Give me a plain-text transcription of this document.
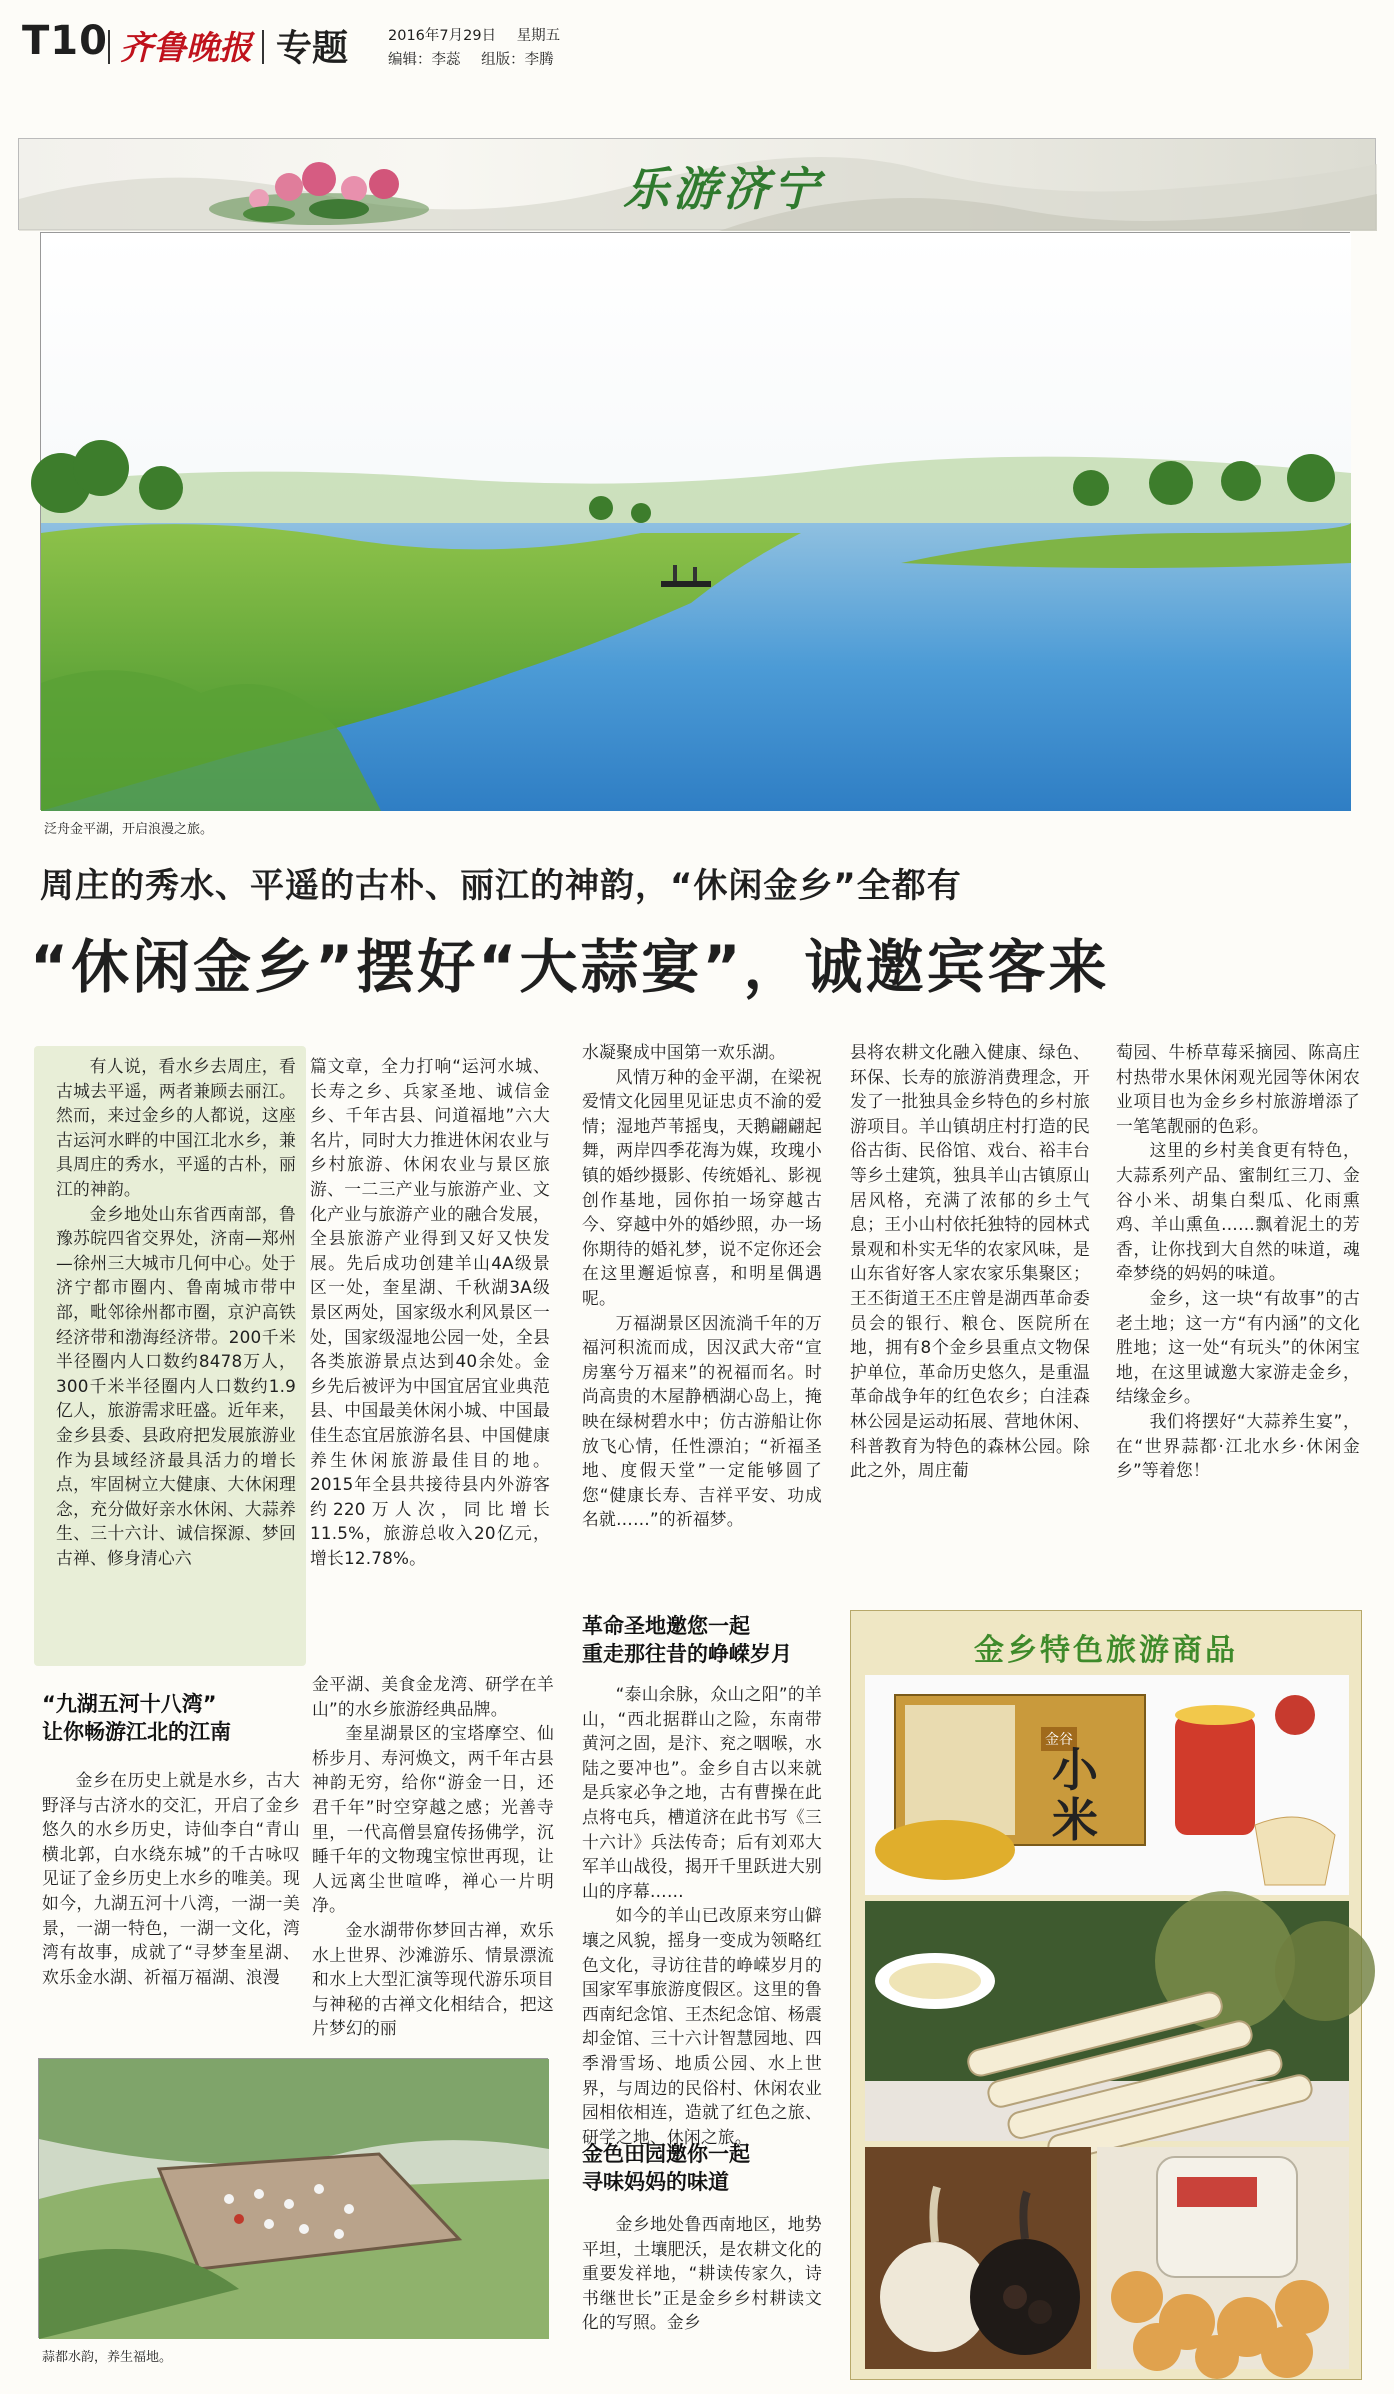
T10 齐鲁晚报 专题	2016年7月29日 星期五
编辑：李蕊 组版：李腾
乐游济宁
泛舟金平湖，开启浪漫之旅。
周庄的秀水、平遥的古朴、丽江的神韵，“休闲金乡”全都有
“休闲金乡”摆好“大蒜宴”，诚邀宾客来

有人说，看水乡去周庄，看古城去平遥，两者兼顾去丽江。然而，来过金乡的人都说，这座古运河水畔的中国江北水乡，兼具周庄的秀水，平遥的古朴，丽江的神韵。

金乡地处山东省西南部，鲁豫苏皖四省交界处，济南—郑州—徐州三大城市几何中心。处于济宁都市圈内、鲁南城市带中部，毗邻徐州都市圈，京沪高铁经济带和渤海经济带。200千米半径圈内人口数约8478万人，300千米半径圈内人口数约1.9亿人，旅游需求旺盛。近年来，金乡县委、县政府把发展旅游业作为县域经济最具活力的增长点，牢固树立大健康、大休闲理念，充分做好亲水休闲、大蒜养生、三十六计、诚信探源、梦回古禅、修身清心六

篇文章，全力打响“运河水城、长寿之乡、兵家圣地、诚信金乡、千年古县、问道福地”六大名片，同时大力推进休闲农业与乡村旅游、休闲农业与景区旅游、一二三产业与旅游产业、文化产业与旅游产业的融合发展，全县旅游产业得到又好又快发展。先后成功创建羊山4A级景区一处，奎星湖、千秋湖3A级景区两处，国家级水利风景区一处，国家级湿地公园一处，全县各类旅游景点达到40余处。金乡先后被评为中国宜居宜业典范县、中国最美休闲小城、中国最佳生态宜居旅游名县、中国健康养生休闲旅游最佳目的地。2015年全县共接待县内外游客约220万人次，同比增长11.5%，旅游总收入20亿元，增长12.78%。

“九湖五河十八湾”
让你畅游江北的江南

金乡在历史上就是水乡，古大野泽与古济水的交汇，开启了金乡悠久的水乡历史，诗仙李白“青山横北郭，白水绕东城”的千古咏叹见证了金乡历史上水乡的唯美。现如今，九湖五河十八湾，一湖一美景，一湖一特色，一湖一文化，湾湾有故事，成就了“寻梦奎星湖、欢乐金水湖、祈福万福湖、浪漫

金平湖、美食金龙湾、研学在羊山”的水乡旅游经典品牌。

奎星湖景区的宝塔摩空、仙桥步月、寿河焕文，两千年古县神韵无穷，给你“游金一日，还君千年”时空穿越之感；光善寺里，一代高僧昙窟传扬佛学，沉睡千年的文物瑰宝惊世再现，让人远离尘世喧哗，禅心一片明净。

金水湖带你梦回古禅，欢乐水上世界、沙滩游乐、情景漂流和水上大型汇演等现代游乐项目与神秘的古禅文化相结合，把这片梦幻的丽

蒜都水韵，养生福地。

水凝聚成中国第一欢乐湖。

风情万种的金平湖，在梁祝爱情文化园里见证忠贞不渝的爱情；湿地芦苇摇曳，天鹅翩翩起舞，两岸四季花海为媒，玫瑰小镇的婚纱摄影、传统婚礼、影视创作基地，园你拍一场穿越古今、穿越中外的婚纱照，办一场你期待的婚礼梦，说不定你还会在这里邂逅惊喜，和明星偶遇呢。

万福湖景区因流淌千年的万福河积流而成，因汉武大帝“宣房塞兮万福来”的祝福而名。时尚高贵的木屋静栖湖心岛上，掩映在绿树碧水中；仿古游船让你放飞心情，任性漂泊；“祈福圣地、度假天堂”一定能够圆了您“健康长寿、吉祥平安、功成名就……”的祈福梦。

革命圣地邀您一起
重走那往昔的峥嵘岁月

“泰山余脉，众山之阳”的羊山，“西北据群山之险，东南带黄河之固，是汴、兖之咽喉，水陆之要冲也”。金乡自古以来就是兵家必争之地，古有曹操在此点将屯兵，槽道济在此书写《三十六计》兵法传奇；后有刘邓大军羊山战役，揭开千里跃进大别山的序幕……

如今的羊山已改原来穷山僻壤之风貌，摇身一变成为领略红色文化，寻访往昔的峥嵘岁月的国家军事旅游度假区。这里的鲁西南纪念馆、王杰纪念馆、杨震却金馆、三十六计智慧园地、四季滑雪场、地质公园、水上世界，与周边的民俗村、休闲农业园相依相连，造就了红色之旅、研学之地、休闲之旅。

金色田园邀你一起
寻味妈妈的味道

金乡地处鲁西南地区，地势平坦，土壤肥沃，是农耕文化的重要发祥地，“耕读传家久，诗书继世长”正是金乡乡村耕读文化的写照。金乡

县将农耕文化融入健康、绿色、环保、长寿的旅游消费理念，开发了一批独具金乡特色的乡村旅游项目。羊山镇胡庄村打造的民俗古街、民俗馆、戏台、裕丰台等乡土建筑，独具羊山古镇原山居风格，充满了浓郁的乡土气息；王小山村依托独特的园林式景观和朴实无华的农家风味，是山东省好客人家农家乐集聚区；王丕街道王丕庄曾是湖西革命委员会的银行、粮仓、医院所在地，拥有8个金乡县重点文物保护单位，革命历史悠久，是重温革命战争年的红色农乡；白洼森林公园是运动拓展、营地休闲、科普教育为特色的森林公园。除此之外，周庄葡

萄园、牛桥草莓采摘园、陈高庄村热带水果休闲观光园等休闲农业项目也为金乡乡村旅游增添了一笔笔靓丽的色彩。

这里的乡村美食更有特色，大蒜系列产品、蜜制红三刀、金谷小米、胡集白梨瓜、化雨熏鸡、羊山熏鱼……飘着泥土的芳香，让你找到大自然的味道，魂牵梦绕的妈妈的味道。

金乡，这一块“有故事”的古老土地；这一方“有内涵”的文化胜地；这一处“有玩头”的休闲宝地，在这里诚邀大家游走金乡，结缘金乡。

我们将摆好“大蒜养生宴”，在“世界蒜都·江北水乡·休闲金乡”等着您！

金乡特色旅游商品
金谷
小米
